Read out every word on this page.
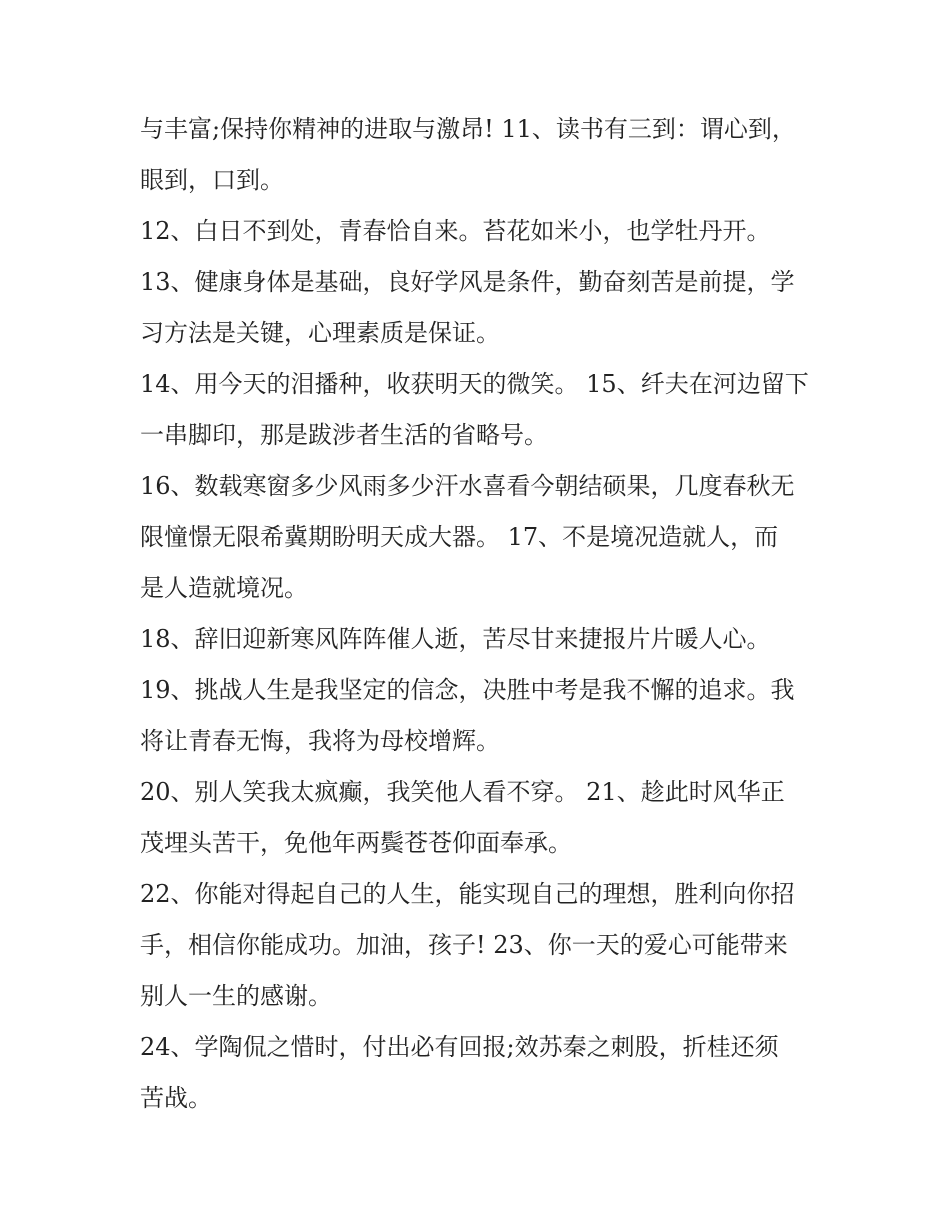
与丰富;保持你精神的进取与激昂! 11、读书有三到：谓心到，
眼到，口到。
12、白日不到处，青春恰自来。苔花如米小，也学牡丹开。
13、健康身体是基础，良好学风是条件，勤奋刻苦是前提，学
习方法是关键，心理素质是保证。
14、用今天的泪播种，收获明天的微笑。 15、纤夫在河边留下
一串脚印，那是跋涉者生活的省略号。
16、数载寒窗多少风雨多少汗水喜看今朝结硕果，几度春秋无
限憧憬无限希冀期盼明天成大器。 17、不是境况造就人，而
是人造就境况。
18、辞旧迎新寒风阵阵催人逝，苦尽甘来捷报片片暖人心。
19、挑战人生是我坚定的信念，决胜中考是我不懈的追求。我
将让青春无悔，我将为母校增辉。
20、别人笑我太疯癫，我笑他人看不穿。 21、趁此时风华正
茂埋头苦干，免他年两鬓苍苍仰面奉承。
22、你能对得起自己的人生，能实现自己的理想，胜利向你招
手，相信你能成功。加油，孩子! 23、你一天的爱心可能带来
别人一生的感谢。
24、学陶侃之惜时，付出必有回报;效苏秦之刺股，折桂还须
苦战。
